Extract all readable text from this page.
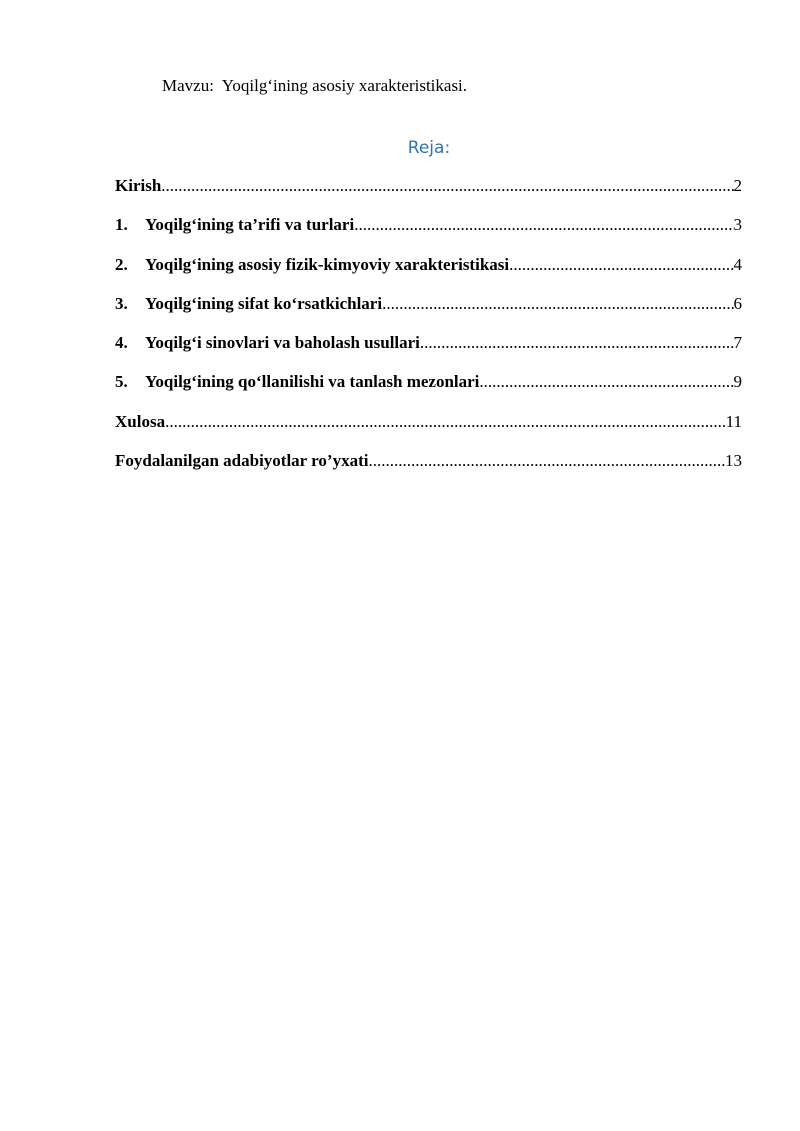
Mavzu:  Yoqilg‘ining asosiy xarakteristikasi.
Reja:
Kirish .....	2
1.	Yoqilg‘ining ta’rifi va turlari .....	3
2.	Yoqilg‘ining asosiy fizik-kimyoviy xarakteristikasi .....	4
3.	Yoqilg‘ining sifat ko‘rsatkichlari .....	6
4.	Yoqilg‘i sinovlari va baholash usullari .....	7
5.	Yoqilg‘ining qo‘llanilishi va tanlash mezonlari .....	9
Xulosa .....	11
Foydalanilgan adabiyotlar ro’yxati .....	13
